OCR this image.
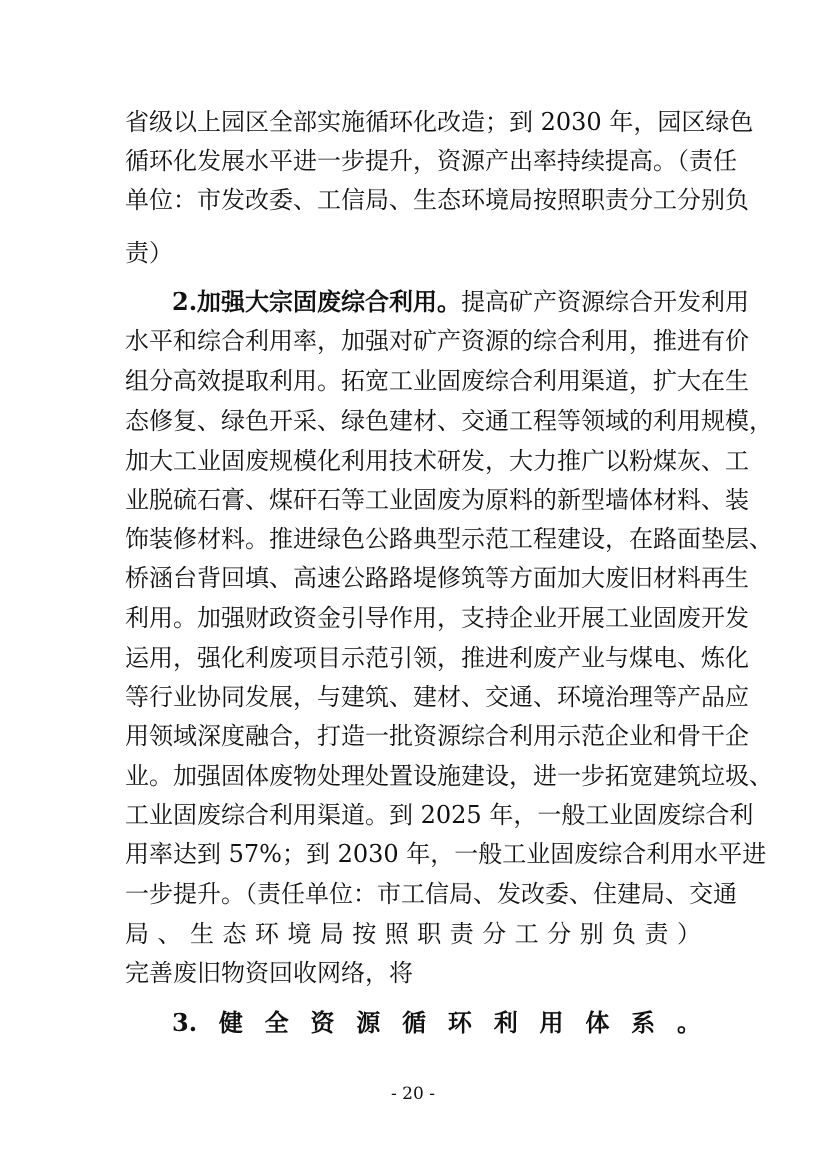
省级以上园区全部实施循环化改造；到 2030 年，园区绿色
循环化发展水平进一步提升，资源产出率持续提高。（责任
单位：市发改委、工信局、生态环境局按照职责分工分别负
责）
2.加强大宗固废综合利用。提高矿产资源综合开发利用
水平和综合利用率，加强对矿产资源的综合利用，推进有价
组分高效提取利用。拓宽工业固废综合利用渠道，扩大在生
态修复、绿色开采、绿色建材、交通工程等领域的利用规模，
加大工业固废规模化利用技术研发，大力推广以粉煤灰、工
业脱硫石膏、煤矸石等工业固废为原料的新型墙体材料、装
饰装修材料。推进绿色公路典型示范工程建设，在路面垫层、
桥涵台背回填、高速公路路堤修筑等方面加大废旧材料再生
利用。加强财政资金引导作用，支持企业开展工业固废开发
运用，强化利废项目示范引领，推进利废产业与煤电、炼化
等行业协同发展，与建筑、建材、交通、环境治理等产品应
用领域深度融合，打造一批资源综合利用示范企业和骨干企
业。加强固体废物处理处置设施建设，进一步拓宽建筑垃圾、
工业固废综合利用渠道。到 2025 年，一般工业固废综合利
用率达到 57%；到 2030 年，一般工业固废综合利用水平进
一步提升。（责任单位：市工信局、发改委、住建局、交通
局、生态环境局按照职责分工分别负责）
完善废旧物资回收网络，将
3.健全资源循环利用体系。
- 20 -
